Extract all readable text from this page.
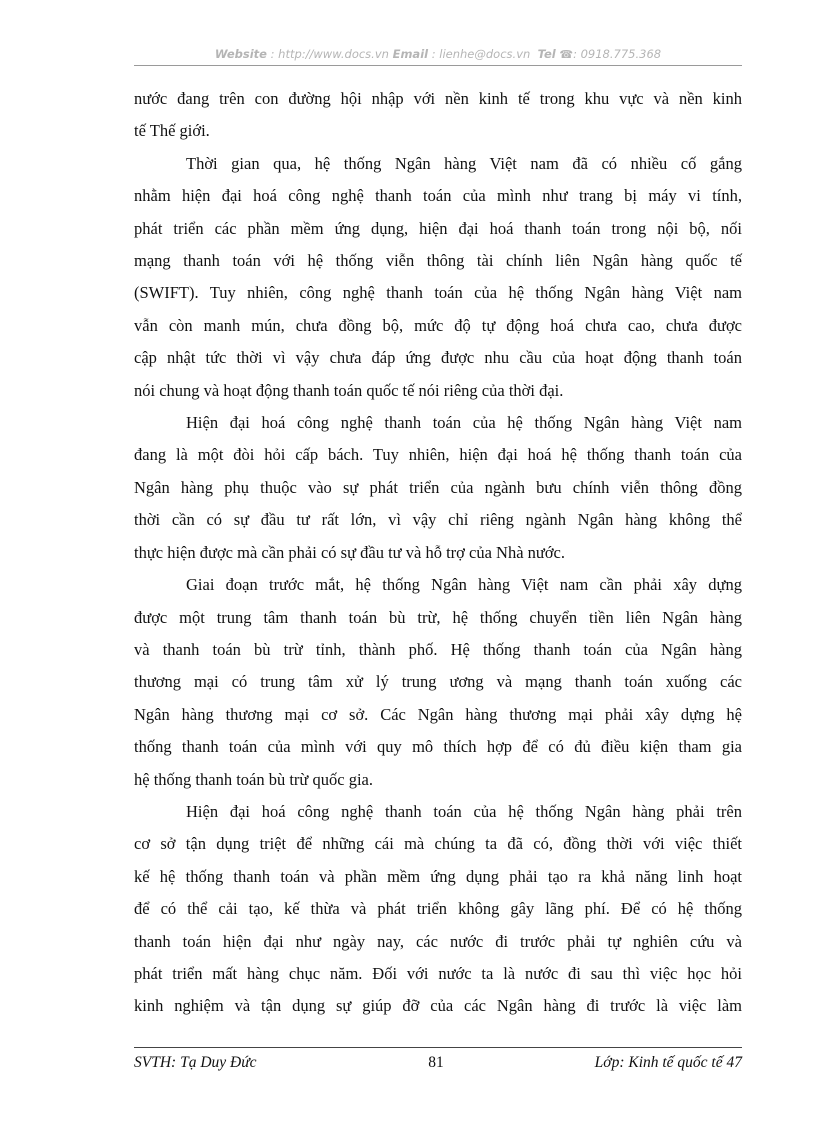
Website : http://www.docs.vn Email : lienhe@docs.vn Tel ☎: 0918.775.368
nước đang trên con đường hội nhập với nền kinh tế trong khu vực và nền kinh
tế Thế giới.
Thời gian qua, hệ thống Ngân hàng Việt nam đã có nhiều cố gắng
nhằm hiện đại hoá công nghệ thanh toán của mình như trang bị máy vi tính,
phát triển các phần mềm ứng dụng, hiện đại hoá thanh toán trong nội bộ, nối
mạng thanh toán với hệ thống viễn thông tài chính liên Ngân hàng quốc tế
(SWIFT). Tuy nhiên, công nghệ thanh toán của hệ thống Ngân hàng Việt nam
vẫn còn manh mún, chưa đồng bộ, mức độ tự động hoá chưa cao, chưa được
cập nhật tức thời vì vậy chưa đáp ứng được nhu cầu của hoạt động thanh toán
nói chung và hoạt động thanh toán quốc tế nói riêng của thời đại.
Hiện đại hoá công nghệ thanh toán của hệ thống Ngân hàng Việt nam
đang là một đòi hỏi cấp bách. Tuy nhiên, hiện đại hoá hệ thống thanh toán của
Ngân hàng phụ thuộc vào sự phát triển của ngành bưu chính viễn thông đồng
thời cần có sự đầu tư rất lớn, vì vậy chỉ riêng ngành Ngân hàng không thể
thực hiện được mà cần phải có sự đầu tư và hỗ trợ của Nhà nước.
Giai đoạn trước mắt, hệ thống Ngân hàng Việt nam cần phải xây dựng
được một trung tâm thanh toán bù trừ, hệ thống chuyển tiền liên Ngân hàng
và thanh toán bù trừ tỉnh, thành phố. Hệ thống thanh toán của Ngân hàng
thương mại có trung tâm xử lý trung ương và mạng thanh toán xuống các
Ngân hàng thương mại cơ sở. Các Ngân hàng thương mại phải xây dựng hệ
thống thanh toán của mình với quy mô thích hợp để có đủ điều kiện tham gia
hệ thống thanh toán bù trừ quốc gia.
Hiện đại hoá công nghệ thanh toán của hệ thống Ngân hàng phải trên
cơ sở tận dụng triệt để những cái mà chúng ta đã có, đồng thời với việc thiết
kế hệ thống thanh toán và phần mềm ứng dụng phải tạo ra khả năng linh hoạt
để có thể cải tạo, kế thừa và phát triển không gây lãng phí. Để có hệ thống
thanh toán hiện đại như ngày nay, các nước đi trước phải tự nghiên cứu và
phát triển mất hàng chục năm. Đối với nước ta là nước đi sau thì việc học hỏi
kinh nghiệm và tận dụng sự giúp đỡ của các Ngân hàng đi trước là việc làm
SVTH: Tạ Duy Đức	81	Lớp: Kinh tế quốc tế 47
